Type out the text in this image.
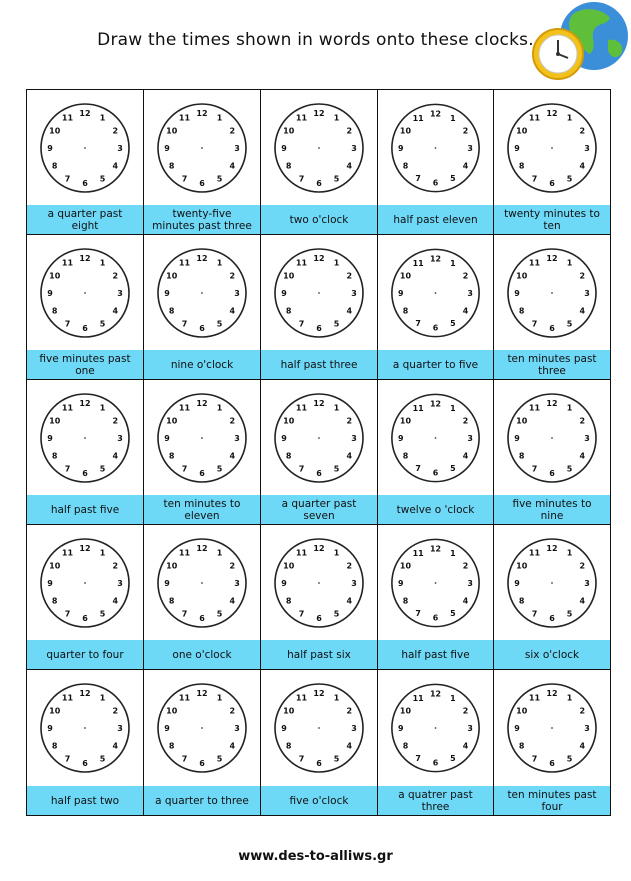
Draw the times shown in words onto these clocks.
12
1
2
3
4
5
6
7
8
9
10
11
a quarter past eight
12
1
2
3
4
5
6
7
8
9
10
11
twenty-five minutes past three
12
1
2
3
4
5
6
7
8
9
10
11
two o'clock
12
1
2
3
4
5
6
7
8
9
10
11
half past eleven
12
1
2
3
4
5
6
7
8
9
10
11
twenty minutes to ten
12
1
2
3
4
5
6
7
8
9
10
11
five minutes past one
12
1
2
3
4
5
6
7
8
9
10
11
nine o'clock
12
1
2
3
4
5
6
7
8
9
10
11
half past three
12
1
2
3
4
5
6
7
8
9
10
11
a quarter to five
12
1
2
3
4
5
6
7
8
9
10
11
ten minutes past three
12
1
2
3
4
5
6
7
8
9
10
11
half past five
12
1
2
3
4
5
6
7
8
9
10
11
ten minutes to eleven
12
1
2
3
4
5
6
7
8
9
10
11
a quarter past seven
12
1
2
3
4
5
6
7
8
9
10
11
twelve o 'clock
12
1
2
3
4
5
6
7
8
9
10
11
five minutes to nine
12
1
2
3
4
5
6
7
8
9
10
11
quarter to four
12
1
2
3
4
5
6
7
8
9
10
11
one o'clock
12
1
2
3
4
5
6
7
8
9
10
11
half past six
12
1
2
3
4
5
6
7
8
9
10
11
half past five
12
1
2
3
4
5
6
7
8
9
10
11
six o'clock
12
1
2
3
4
5
6
7
8
9
10
11
half past two
12
1
2
3
4
5
6
7
8
9
10
11
a quarter to three
12
1
2
3
4
5
6
7
8
9
10
11
five o'clock
12
1
2
3
4
5
6
7
8
9
10
11
a quatrer past three
12
1
2
3
4
5
6
7
8
9
10
11
ten minutes past four
www.des-to-alliws.gr
